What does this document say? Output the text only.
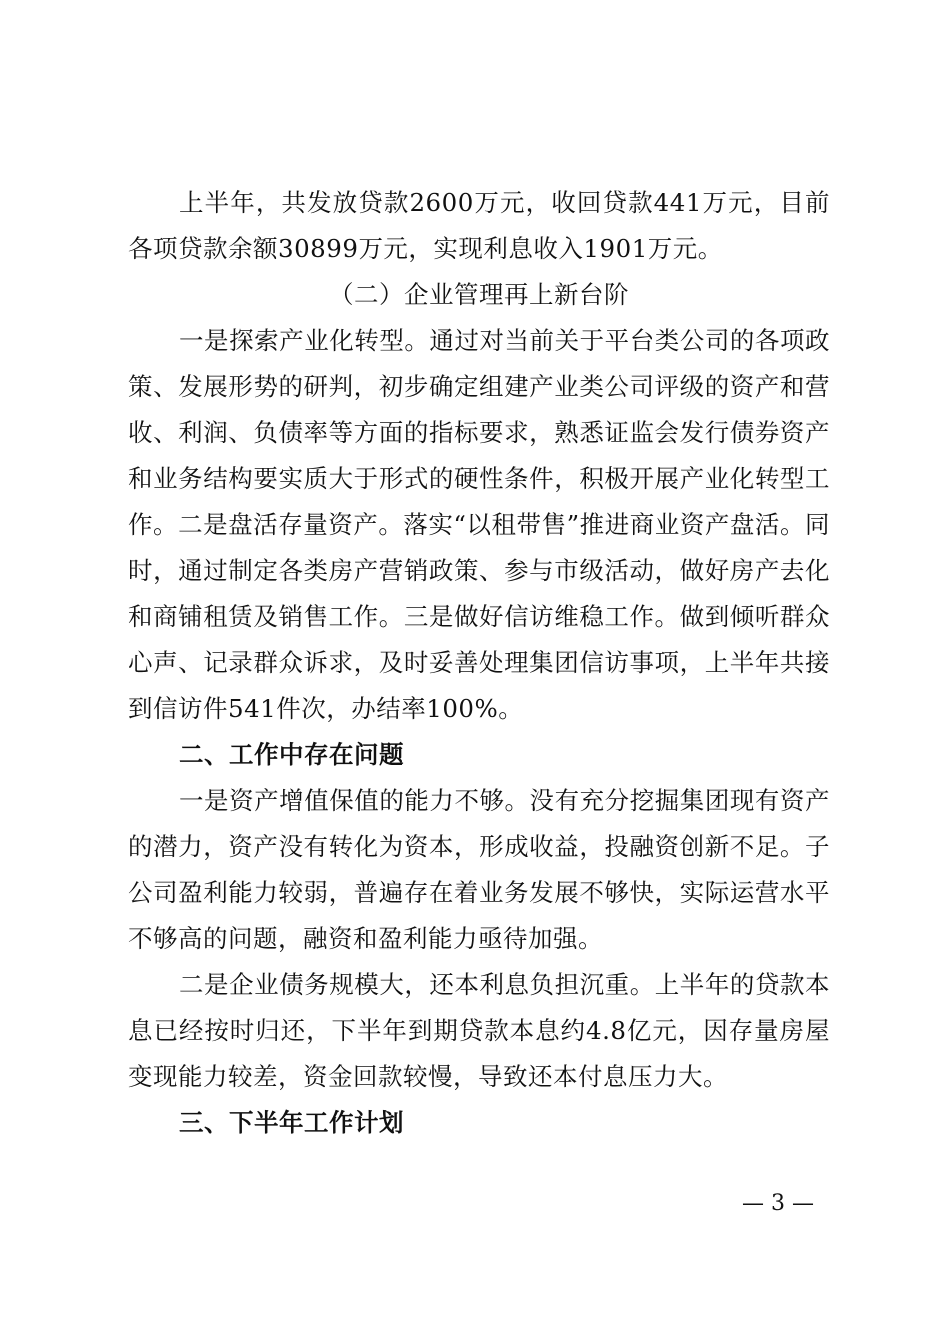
上半年，共发放贷款2600万元，收回贷款441万元，目前各项贷款余额30899万元，实现利息收入1901万元。

（二）企业管理再上新台阶

一是探索产业化转型。通过对当前关于平台类公司的各项政策、发展形势的研判，初步确定组建产业类公司评级的资产和营收、利润、负债率等方面的指标要求，熟悉证监会发行债券资产和业务结构要实质大于形式的硬性条件，积极开展产业化转型工作。二是盘活存量资产。落实“以租带售”推进商业资产盘活。同时，通过制定各类房产营销政策、参与市级活动，做好房产去化和商铺租赁及销售工作。三是做好信访维稳工作。做到倾听群众心声、记录群众诉求，及时妥善处理集团信访事项，上半年共接到信访件541件次，办结率100%。

二、工作中存在问题

一是资产增值保值的能力不够。没有充分挖掘集团现有资产的潜力，资产没有转化为资本，形成收益，投融资创新不足。子公司盈利能力较弱，普遍存在着业务发展不够快，实际运营水平不够高的问题，融资和盈利能力亟待加强。

二是企业债务规模大，还本利息负担沉重。上半年的贷款本息已经按时归还，下半年到期贷款本息约4.8亿元，因存量房屋变现能力较差，资金回款较慢，导致还本付息压力大。

三、下半年工作计划

— 3 —
